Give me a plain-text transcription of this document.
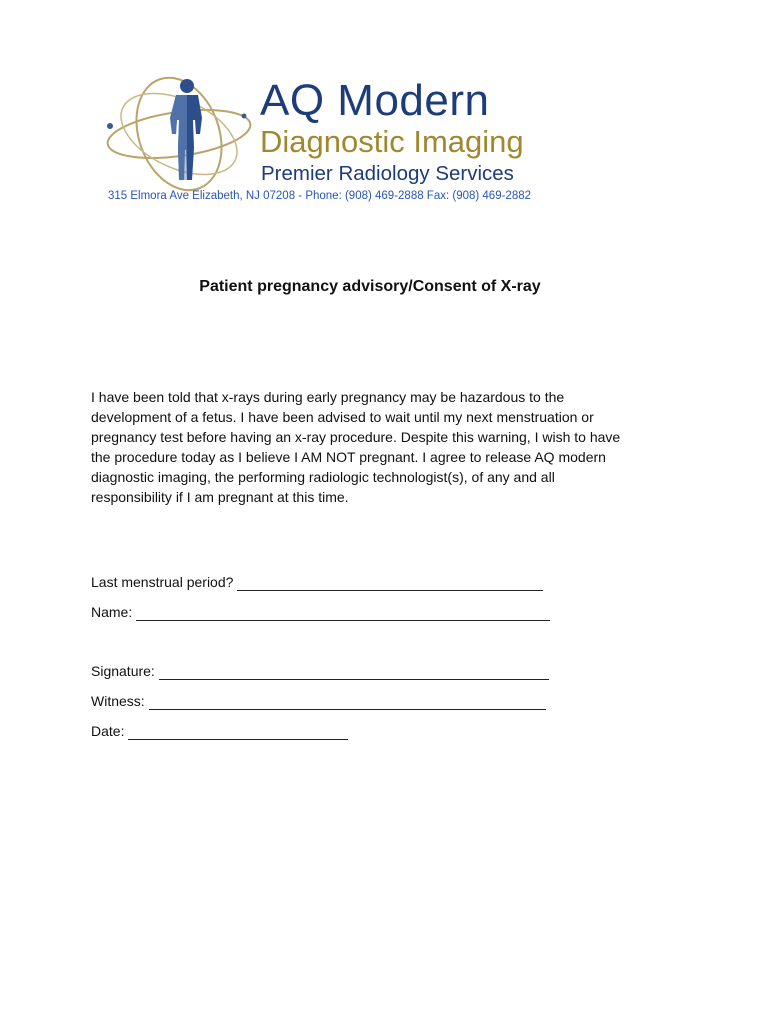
AQ Modern
Diagnostic Imaging
Premier Radiology Services
315 Elmora Ave Elizabeth, NJ 07208 - Phone: (908) 469-2888 Fax: (908) 469-2882
Patient pregnancy advisory/Consent of X-ray
I have been told that x-rays during early pregnancy may be hazardous to the
development of a fetus. I have been advised to wait until my next menstruation or
pregnancy test before having an x-ray procedure. Despite this warning, I wish to have
the procedure today as I believe I AM NOT pregnant. I agree to release AQ modern
diagnostic imaging, the performing radiologic technologist(s), of any and all
responsibility if I am pregnant at this time.
Last menstrual period?
Name:
Signature:
Witness:
Date:
